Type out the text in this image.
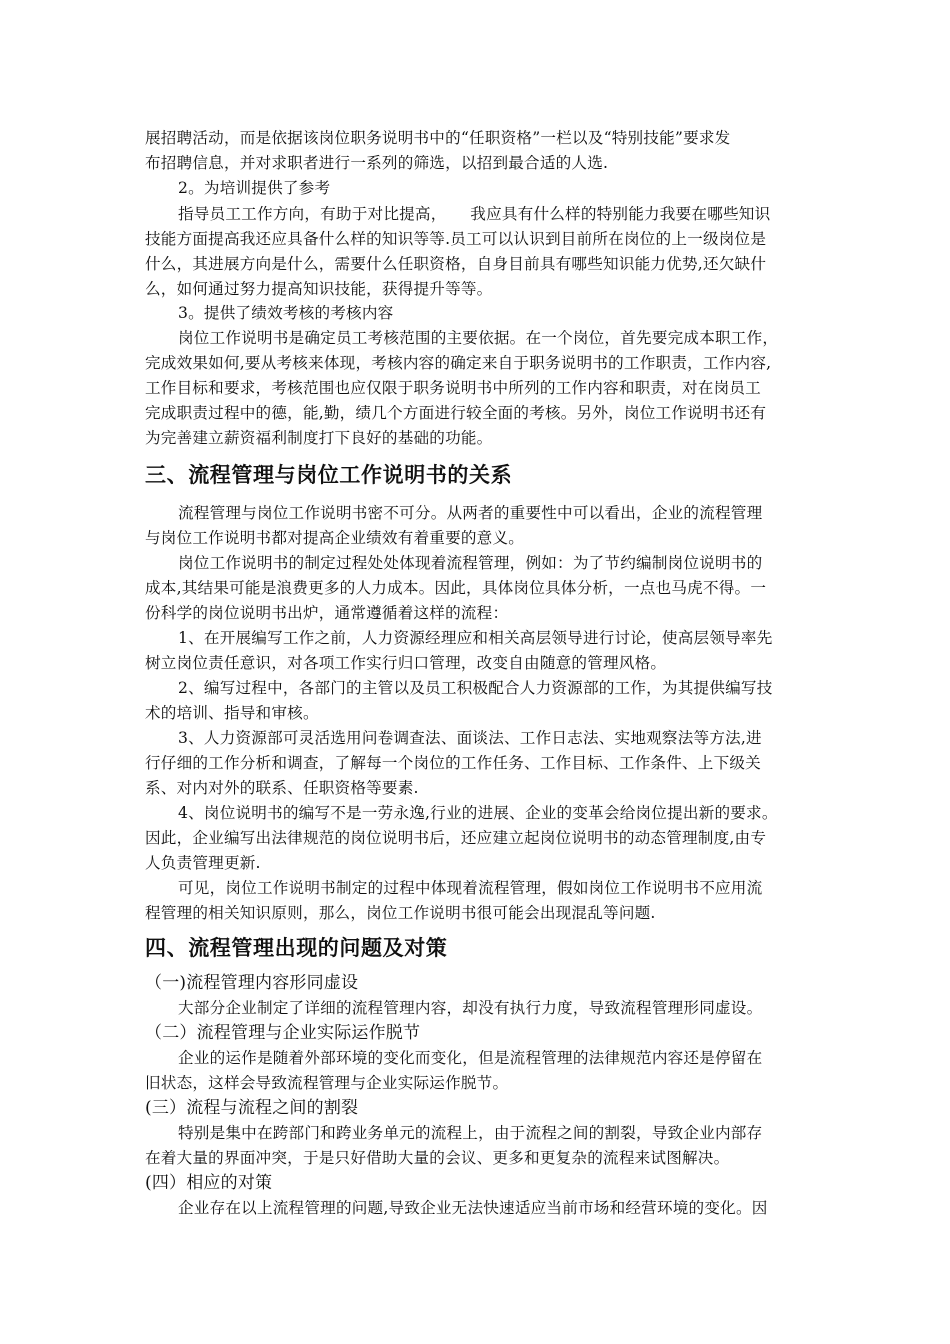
展招聘活动，而是依据该岗位职务说明书中的“任职资格”一栏以及“特别技能”要求发
布招聘信息，并对求职者进行一系列的筛选，以招到最合适的人选.
2。为培训提供了参考
指导员工工作方向，有助于对比提高，　　我应具有什么样的特别能力我要在哪些知识
技能方面提高我还应具备什么样的知识等等.员工可以认识到目前所在岗位的上一级岗位是
什么，其进展方向是什么，需要什么任职资格，自身目前具有哪些知识能力优势,还欠缺什
么，如何通过努力提高知识技能，获得提升等等。
3。提供了绩效考核的考核内容
岗位工作说明书是确定员工考核范围的主要依据。在一个岗位，首先要完成本职工作，
完成效果如何,要从考核来体现，考核内容的确定来自于职务说明书的工作职责，工作内容,
工作目标和要求，考核范围也应仅限于职务说明书中所列的工作内容和职责，对在岗员工
完成职责过程中的德，能,勤，绩几个方面进行较全面的考核。另外，岗位工作说明书还有
为完善建立薪资福利制度打下良好的基础的功能。
三、流程管理与岗位工作说明书的关系
流程管理与岗位工作说明书密不可分。从两者的重要性中可以看出，企业的流程管理
与岗位工作说明书都对提高企业绩效有着重要的意义。
岗位工作说明书的制定过程处处体现着流程管理，例如：为了节约编制岗位说明书的
成本,其结果可能是浪费更多的人力成本。因此，具体岗位具体分析，一点也马虎不得。一
份科学的岗位说明书出炉，通常遵循着这样的流程：
1、在开展编写工作之前，人力资源经理应和相关高层领导进行讨论，使高层领导率先
树立岗位责任意识，对各项工作实行归口管理，改变自由随意的管理风格。
2、编写过程中，各部门的主管以及员工积极配合人力资源部的工作，为其提供编写技
术的培训、指导和审核。
3、人力资源部可灵活选用问卷调查法、面谈法、工作日志法、实地观察法等方法,进
行仔细的工作分析和调查，了解每一个岗位的工作任务、工作目标、工作条件、上下级关
系、对内对外的联系、任职资格等要素.
4、岗位说明书的编写不是一劳永逸,行业的进展、企业的变革会给岗位提出新的要求。
因此，企业编写出法律规范的岗位说明书后，还应建立起岗位说明书的动态管理制度,由专
人负责管理更新.
可见，岗位工作说明书制定的过程中体现着流程管理，假如岗位工作说明书不应用流
程管理的相关知识原则，那么，岗位工作说明书很可能会出现混乱等问题.
四、流程管理出现的问题及对策
（一)流程管理内容形同虚设
大部分企业制定了详细的流程管理内容，却没有执行力度，导致流程管理形同虚设。
（二）流程管理与企业实际运作脱节
企业的运作是随着外部环境的变化而变化，但是流程管理的法律规范内容还是停留在
旧状态，这样会导致流程管理与企业实际运作脱节。
(三）流程与流程之间的割裂
特别是集中在跨部门和跨业务单元的流程上，由于流程之间的割裂，导致企业内部存
在着大量的界面冲突，于是只好借助大量的会议、更多和更复杂的流程来试图解决。
(四）相应的对策
企业存在以上流程管理的问题,导致企业无法快速适应当前市场和经营环境的变化。因
